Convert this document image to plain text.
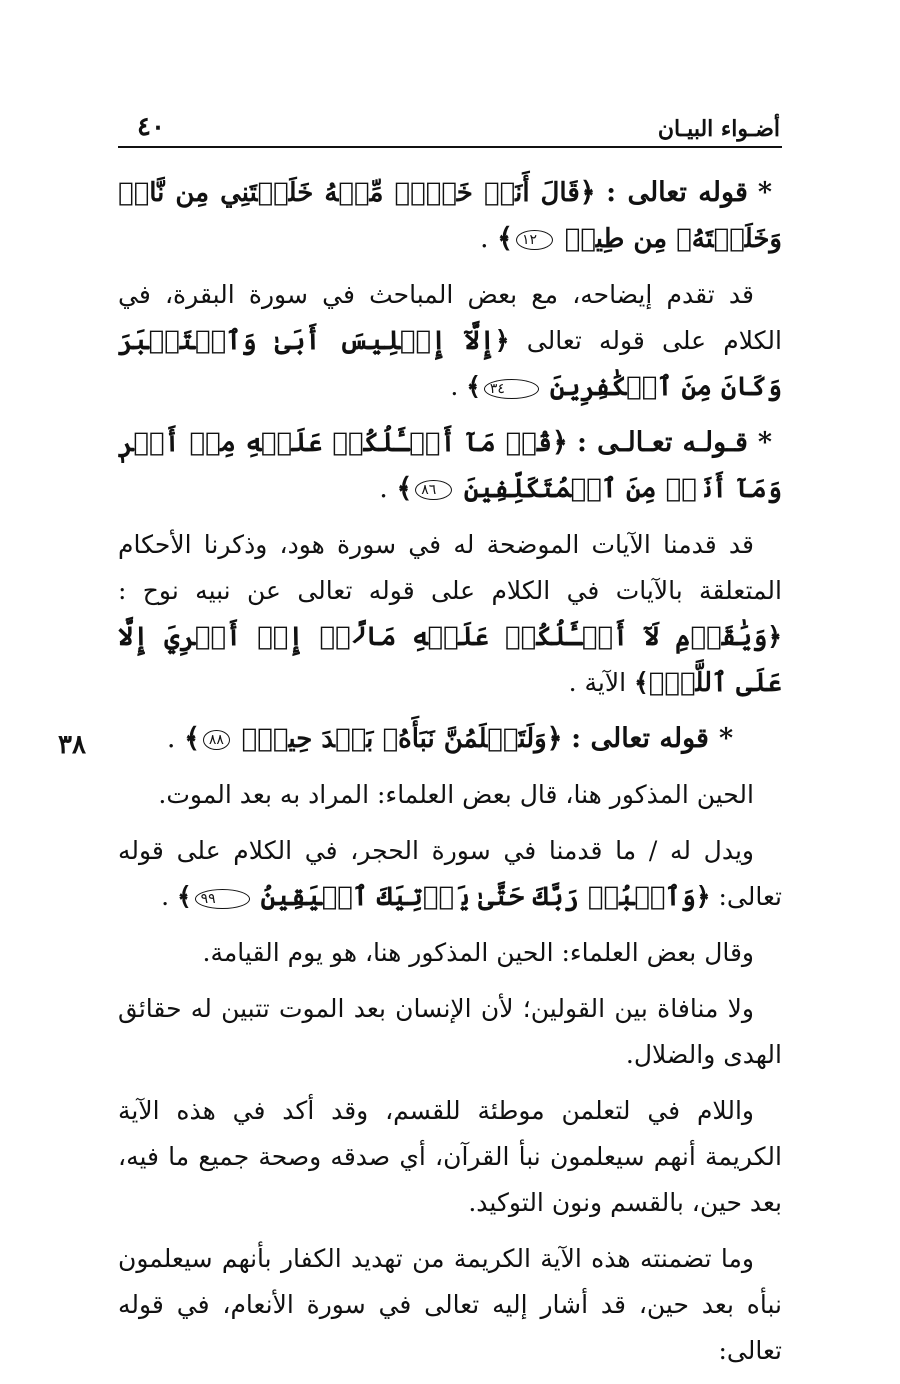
أضـواء البيـان
٤٠
٣٨

*قوله تعالى : ﴿قَالَ أَنَا۠ خَيۡرٞ مِّنۡهُ خَلَقۡتَنِي مِن نَّارٖ وَخَلَقۡتَهُۥ مِن طِينٖ ١٢﴾ .

قد تقدم إيضاحه، مع بعض المباحث في سورة البقرة، في الكلام على قوله تعالى ﴿إِلَّآ إِبۡلِيسَ أَبَىٰ وَٱسۡتَكۡبَرَ وَكَانَ مِنَ ٱلۡكَٰفِرِينَ ٣٤﴾ .

*قـولـه تعـالـى : ﴿قُلۡ مَآ أَسۡـَٔلُكُمۡ عَلَيۡهِ مِنۡ أَجۡرٖ وَمَآ أَنَا۠ مِنَ ٱلۡمُتَكَلِّفِينَ ٨٦﴾ .

قد قدمنا الآيات الموضحة له في سورة هود، وذكرنا الأحكام المتعلقة بالآيات في الكلام على قوله تعالى عن نبيه نوح : ﴿وَيَٰقَوۡمِ لَآ أَسۡـَٔلُكُمۡ عَلَيۡهِ مَالًاۖ إِنۡ أَجۡرِيَ إِلَّا عَلَى ٱللَّهِۚ﴾ الآية .

*قوله تعالى : ﴿وَلَتَعۡلَمُنَّ نَبَأَهُۥ بَعۡدَ حِينِۭ ٨٨﴾ .

الحين المذكور هنا، قال بعض العلماء: المراد به بعد الموت.

ويدل له / ما قدمنا في سورة الحجر، في الكلام على قوله تعالى: ﴿وَٱعۡبُدۡ رَبَّكَ حَتَّىٰ يَأۡتِيَكَ ٱلۡيَقِينُ ٩٩﴾ .

وقال بعض العلماء: الحين المذكور هنا، هو يوم القيامة.

ولا منافاة بين القولين؛ لأن الإنسان بعد الموت تتبين له حقائق الهدى والضلال.

واللام في لتعلمن موطئة للقسم، وقد أكد في هذه الآية الكريمة أنهم سيعلمون نبأ القرآن، أي صدقه وصحة جميع ما فيه، بعد حين، بالقسم ونون التوكيد.

وما تضمنته هذه الآية الكريمة من تهديد الكفار بأنهم سيعلمون نبأه بعد حين، قد أشار إليه تعالى في سورة الأنعام، في قوله تعالى:
